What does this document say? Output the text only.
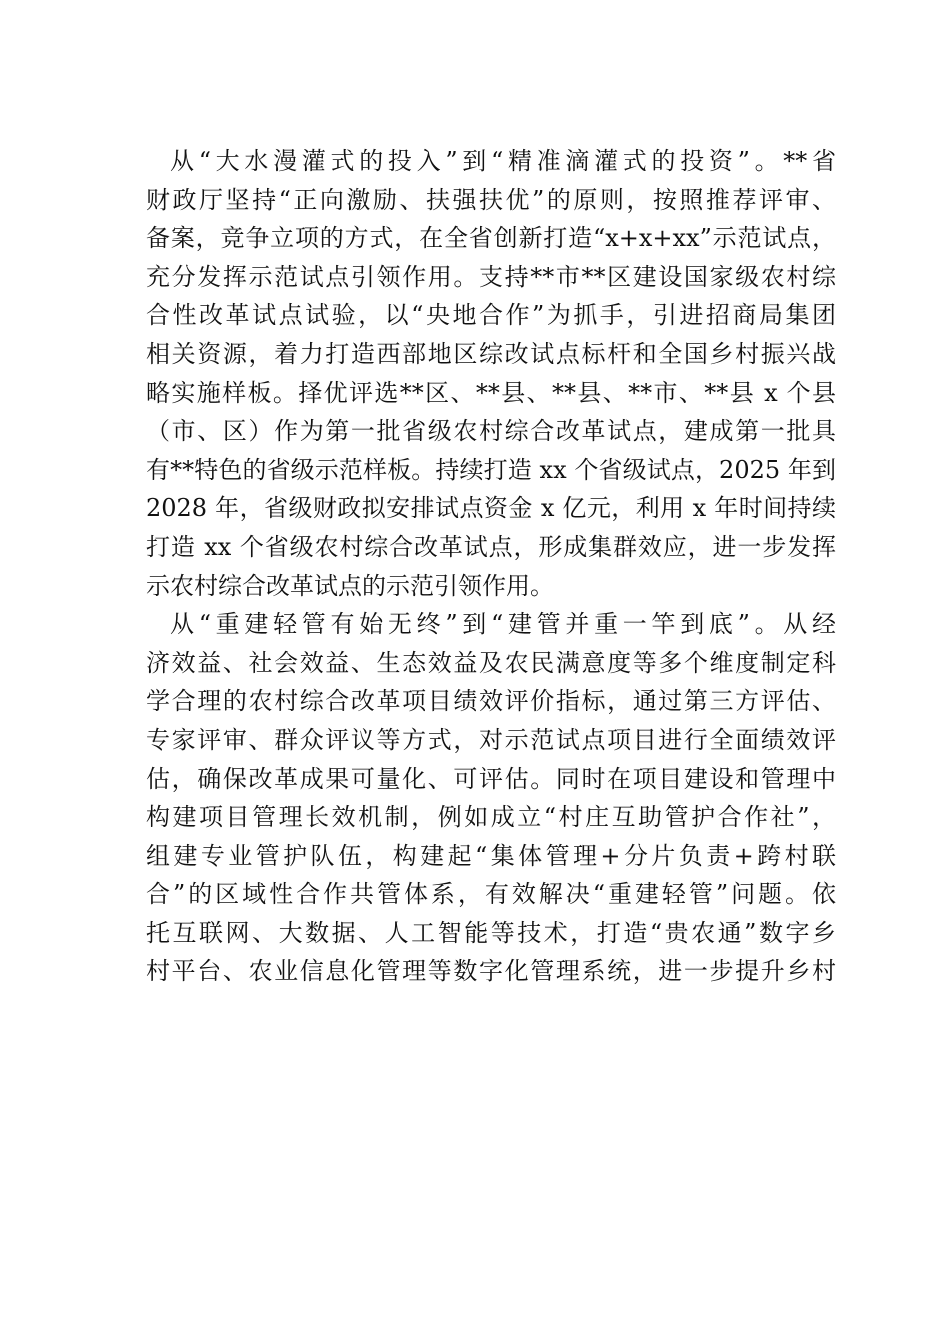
从“大水漫灌式的投入”到“精准滴灌式的投资”。**省
财政厅坚持“正向激励、扶强扶优”的原则，按照推荐评审、
备案，竞争立项的方式，在全省创新打造“x+x+xx”示范试点，
充分发挥示范试点引领作用。支持**市**区建设国家级农村综
合性改革试点试验，以“央地合作”为抓手，引进招商局集团
相关资源，着力打造西部地区综改试点标杆和全国乡村振兴战
略实施样板。择优评选**区、**县、**县、**市、**县 x 个县
（市、区）作为第一批省级农村综合改革试点，建成第一批具
有**特色的省级示范样板。持续打造 xx 个省级试点，2025 年到
2028 年，省级财政拟安排试点资金 x 亿元，利用 x 年时间持续
打造 xx 个省级农村综合改革试点，形成集群效应，进一步发挥
示农村综合改革试点的示范引领作用。
从“重建轻管有始无终”到“建管并重一竿到底”。从经
济效益、社会效益、生态效益及农民满意度等多个维度制定科
学合理的农村综合改革项目绩效评价指标，通过第三方评估、
专家评审、群众评议等方式，对示范试点项目进行全面绩效评
估，确保改革成果可量化、可评估。同时在项目建设和管理中
构建项目管理长效机制，例如成立“村庄互助管护合作社”，
组建专业管护队伍，构建起“集体管理+分片负责+跨村联
合”的区域性合作共管体系，有效解决“重建轻管”问题。依
托互联网、大数据、人工智能等技术，打造“贵农通”数字乡
村平台、农业信息化管理等数字化管理系统，进一步提升乡村
